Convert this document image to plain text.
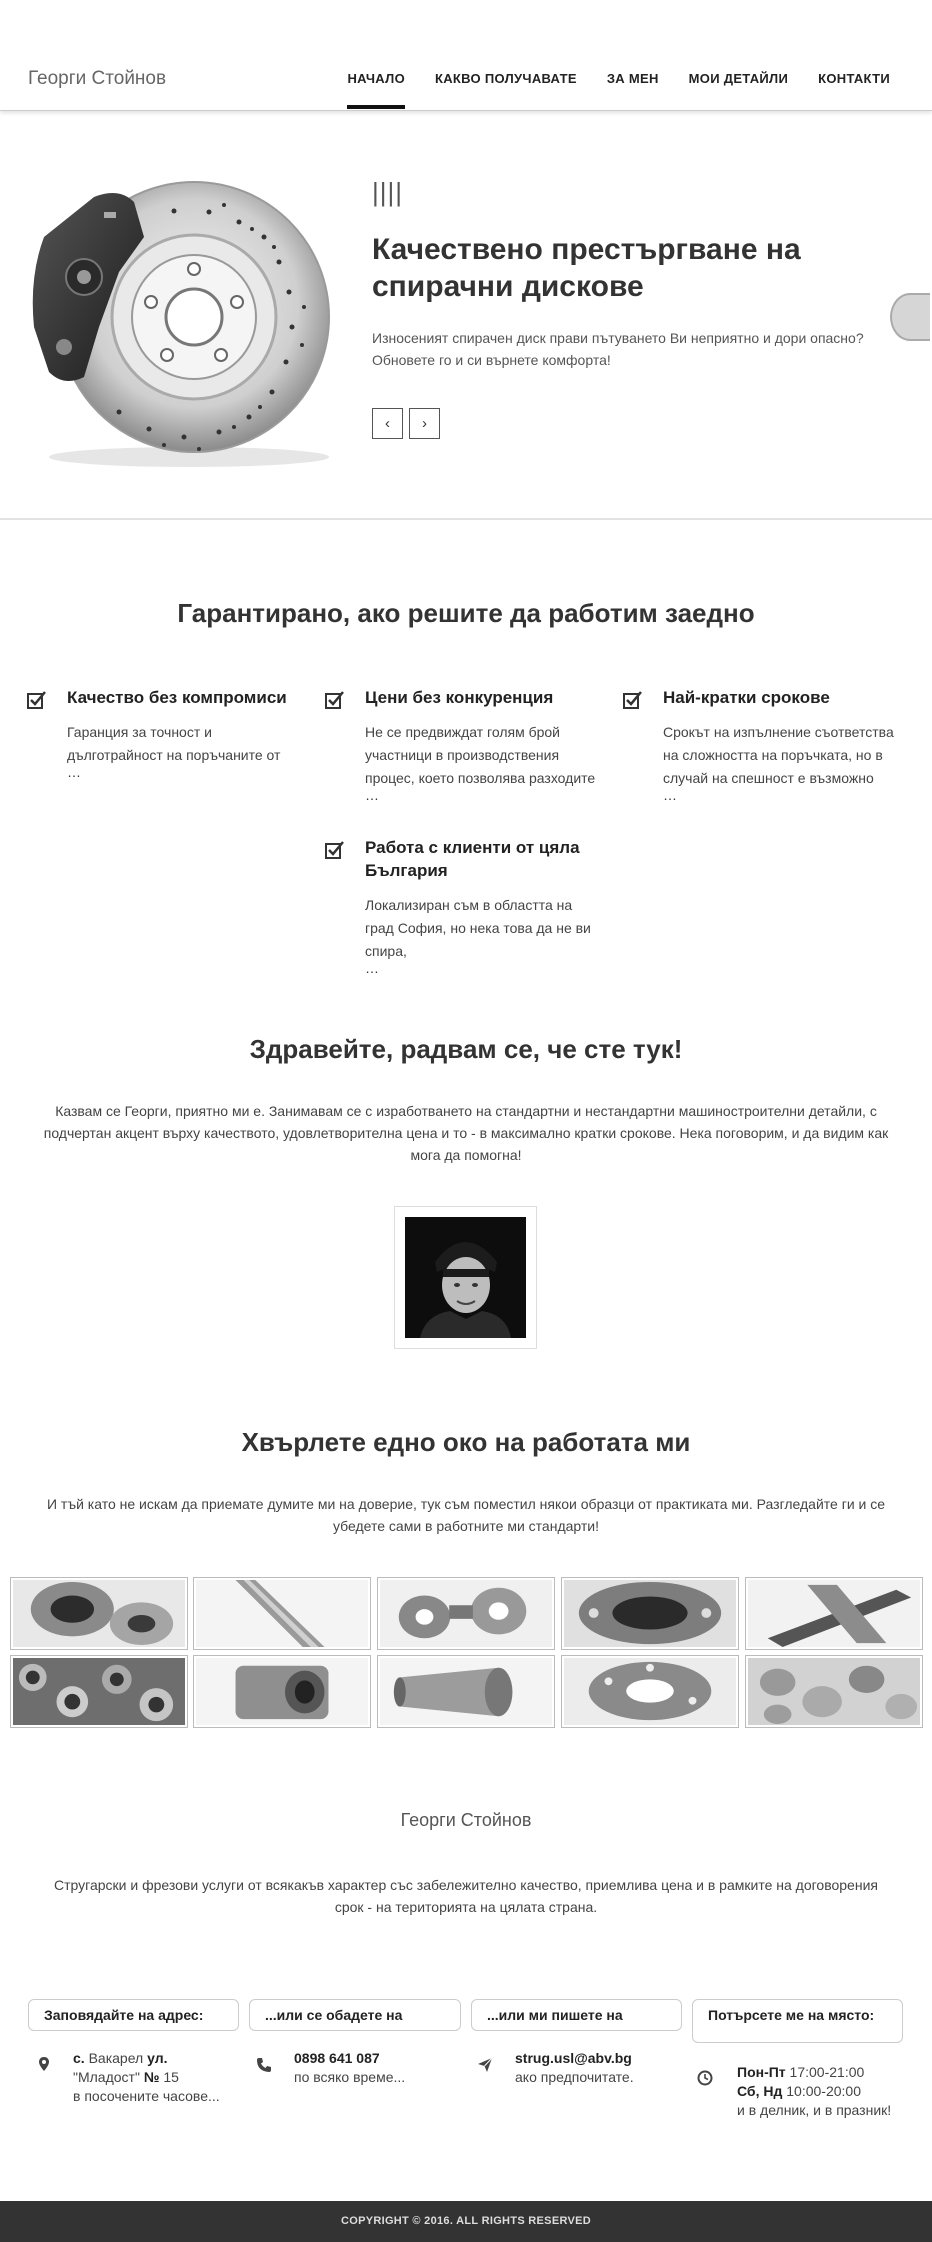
Георги Стойнов	НАЧАЛО КАКВО ПОЛУЧАВАТЕ ЗА МЕН МОИ ДЕТАЙЛИ КОНТАКТИ
||||
Качествено престъргване на спирачни дискове

Износеният спирачен диск прави пътуването Ви неприятно и дори опасно? Обновете го и си върнете комфорта!

‹ ›
Гарантирано, ако решите да работим заедно
Качество без компромиси

Гаранция за точност и дълготрайност на поръчаните от

…
Цени без конкуренция

Не се предвиждат голям брой участници в производствения процес, което позволява разходите

…
Най-кратки срокове

Срокът на изпълнение съответства на сложността на поръчката, но в случай на спешност е възможно

…
Работа с клиенти от цяла България

Локализиран съм в областта на град София, но нека това да не ви спира,

…
Здравейте, радвам се, че сте тук!
Казвам се Георги, приятно ми е. Занимавам се с изработването на стандартни и нестандартни машиностроителни детайли, с подчертан акцент върху качеството, удовлетворителна цена и то - в максимално кратки срокове. Нека поговорим, и да видим как мога да помогна!
Хвърлете едно око на работата ми
И тъй като не искам да приемате думите ми на доверие, тук съм поместил някои образци от практиката ми. Разгледайте ги и се убедете сами в работните ми стандарти!
Георги Стойнов
Стругарски и фрезови услуги от всякакъв характер със забележително качество, приемлива цена и в рамките на договорения срок - на територията на цялата страна.
Заповядайте на адрес:	...или се обадете на	...или ми пишете на	Потърсете ме на място:
с. Вакарел ул.
"Младост" № 15
в посочените часове...
0898 641 087
по всяко време...
strug.usl@abv.bg
ако предпочитате.	Пон-Пт 17:00-21:00
Сб, Нд 10:00-20:00
и в делник, и в празник!
COPYRIGHT © 2016. ALL RIGHTS RESERVED
